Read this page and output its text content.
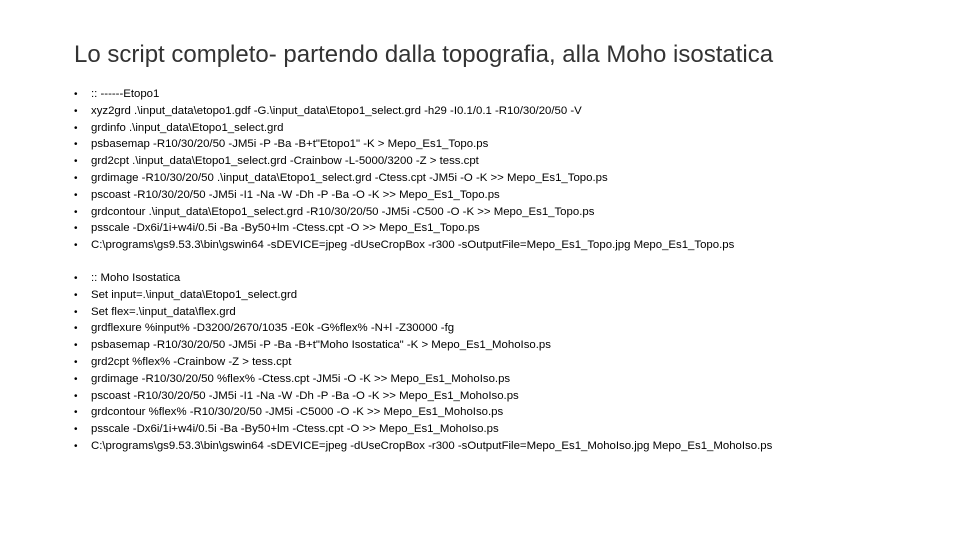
Lo script completo- partendo dalla topografia, alla Moho isostatica
• :: ------Etopo1
• xyz2grd .\input_data\etopo1.gdf -G.\input_data\Etopo1_select.grd -h29 -I0.1/0.1 -R10/30/20/50 -V
• grdinfo .\input_data\Etopo1_select.grd
• psbasemap -R10/30/20/50 -JM5i -P -Ba -B+t"Etopo1" -K > Mepo_Es1_Topo.ps
• grd2cpt .\input_data\Etopo1_select.grd -Crainbow -L-5000/3200 -Z > tess.cpt
• grdimage -R10/30/20/50 .\input_data\Etopo1_select.grd -Ctess.cpt -JM5i -O -K >> Mepo_Es1_Topo.ps
• pscoast -R10/30/20/50 -JM5i -I1 -Na -W -Dh -P -Ba -O -K >> Mepo_Es1_Topo.ps
• grdcontour .\input_data\Etopo1_select.grd -R10/30/20/50 -JM5i -C500 -O -K >> Mepo_Es1_Topo.ps
• psscale -Dx6i/1i+w4i/0.5i -Ba -By50+lm -Ctess.cpt -O >> Mepo_Es1_Topo.ps
• C:\programs\gs9.53.3\bin\gswin64 -sDEVICE=jpeg -dUseCropBox -r300 -sOutputFile=Mepo_Es1_Topo.jpg Mepo_Es1_Topo.ps
• :: Moho Isostatica
• Set input=.\input_data\Etopo1_select.grd
• Set flex=.\input_data\flex.grd
• grdflexure %input% -D3200/2670/1035 -E0k -G%flex% -N+l -Z30000 -fg
• psbasemap -R10/30/20/50 -JM5i -P -Ba -B+t"Moho Isostatica" -K > Mepo_Es1_MohoIso.ps
• grd2cpt %flex% -Crainbow -Z > tess.cpt
• grdimage -R10/30/20/50 %flex% -Ctess.cpt -JM5i -O -K >> Mepo_Es1_MohoIso.ps
• pscoast -R10/30/20/50 -JM5i -I1 -Na -W -Dh -P -Ba -O -K >> Mepo_Es1_MohoIso.ps
• grdcontour %flex% -R10/30/20/50 -JM5i -C5000 -O -K >> Mepo_Es1_MohoIso.ps
• psscale -Dx6i/1i+w4i/0.5i -Ba -By50+lm -Ctess.cpt -O >> Mepo_Es1_MohoIso.ps
• C:\programs\gs9.53.3\bin\gswin64 -sDEVICE=jpeg -dUseCropBox -r300 -sOutputFile=Mepo_Es1_MohoIso.jpg Mepo_Es1_MohoIso.ps
